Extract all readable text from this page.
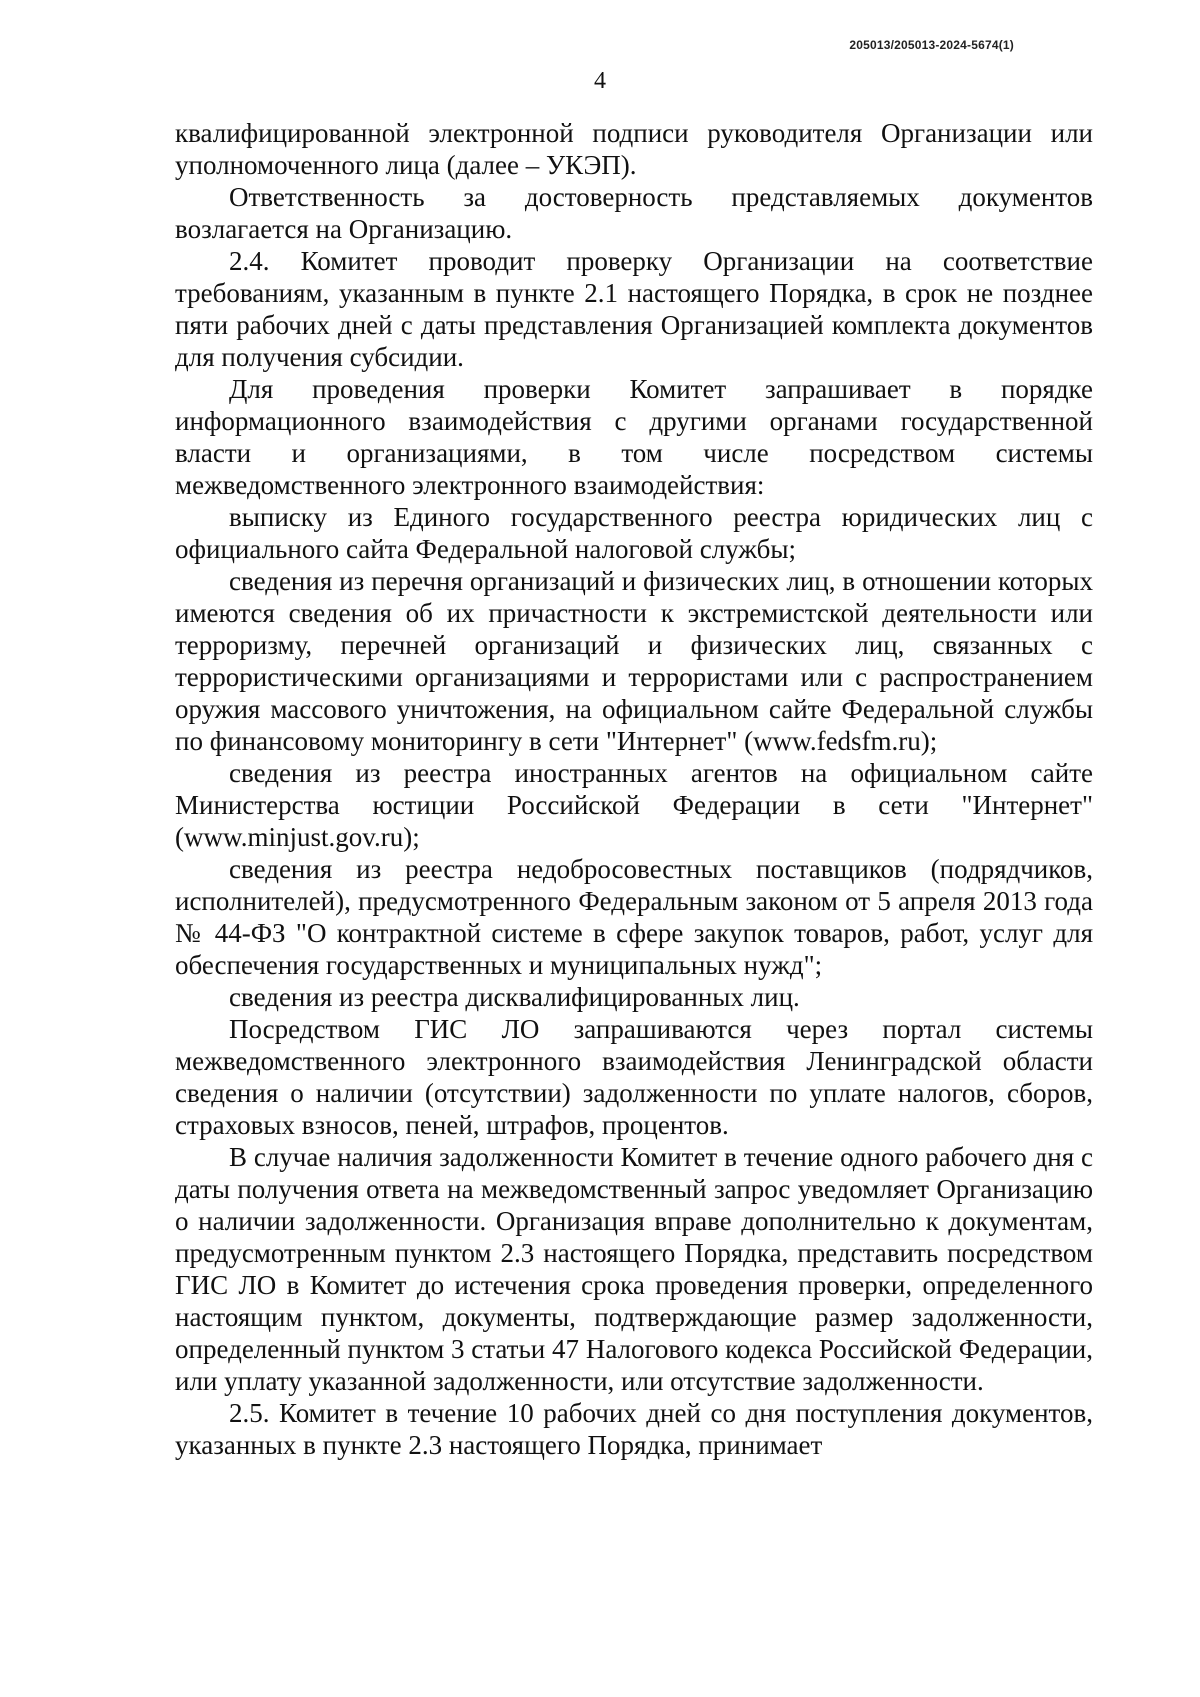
205013/205013-2024-5674(1)
4

квалифицированной электронной подписи руководителя Организации или уполномоченного лица (далее – УКЭП).

Ответственность за достоверность представляемых документов возлагается на Организацию.

2.4. Комитет проводит проверку Организации на соответствие требованиям, указанным в пункте 2.1 настоящего Порядка, в срок не позднее пяти рабочих дней с даты представления Организацией комплекта документов для получения субсидии.

Для проведения проверки Комитет запрашивает в порядке информационного взаимодействия с другими органами государственной власти и организациями, в том числе посредством системы межведомственного электронного взаимодействия:

выписку из Единого государственного реестра юридических лиц с официального сайта Федеральной налоговой службы;

сведения из перечня организаций и физических лиц, в отношении которых имеются сведения об их причастности к экстремистской деятельности или терроризму, перечней организаций и физических лиц, связанных с террористическими организациями и террористами или с распространением оружия массового уничтожения, на официальном сайте Федеральной службы по финансовому мониторингу в сети "Интернет" (www.fedsfm.ru);

сведения из реестра иностранных агентов на официальном сайте Министерства юстиции Российской Федерации в сети "Интернет" (www.minjust.gov.ru);

сведения из реестра недобросовестных поставщиков (подрядчиков, исполнителей), предусмотренного Федеральным законом от 5 апреля 2013 года № 44-ФЗ "О контрактной системе в сфере закупок товаров, работ, услуг для обеспечения государственных и муниципальных нужд";

сведения из реестра дисквалифицированных лиц.

Посредством ГИС ЛО запрашиваются через портал системы межведомственного электронного взаимодействия Ленинградской области сведения о наличии (отсутствии) задолженности по уплате налогов, сборов, страховых взносов, пеней, штрафов, процентов.

В случае наличия задолженности Комитет в течение одного рабочего дня с даты получения ответа на межведомственный запрос уведомляет Организацию о наличии задолженности. Организация вправе дополнительно к документам, предусмотренным пунктом 2.3 настоящего Порядка, представить посредством ГИС ЛО в Комитет до истечения срока проведения проверки, определенного настоящим пунктом, документы, подтверждающие размер задолженности, определенный пунктом 3 статьи 47 Налогового кодекса Российской Федерации, или уплату указанной задолженности, или отсутствие задолженности.

2.5. Комитет в течение 10 рабочих дней со дня поступления документов, указанных в пункте 2.3 настоящего Порядка, принимает
